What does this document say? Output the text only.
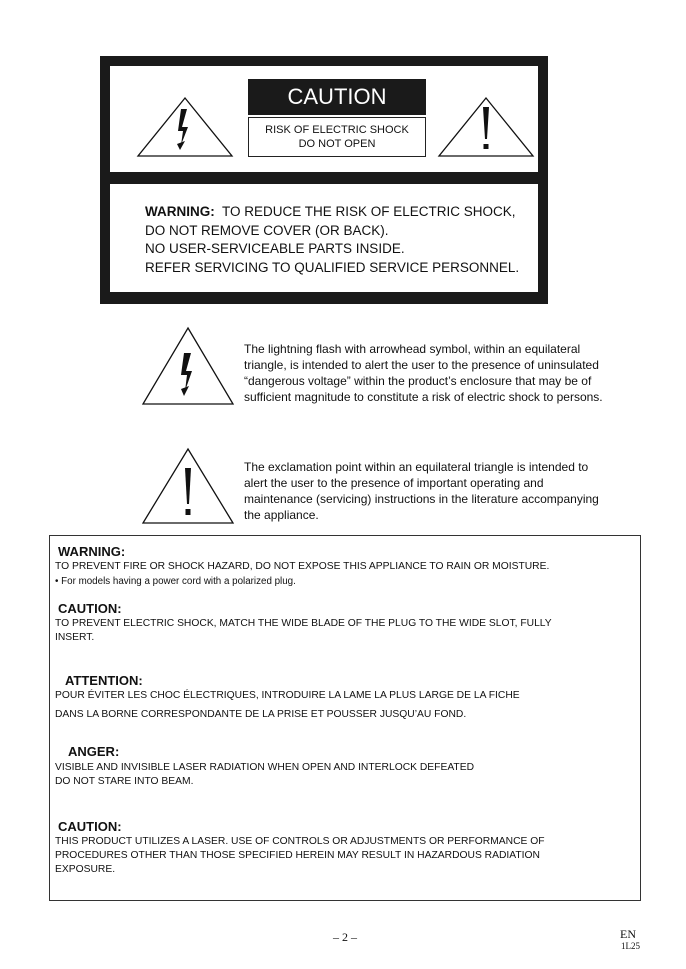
CAUTION
RISK OF ELECTRIC SHOCK
DO NOT OPEN
WARNING: TO REDUCE THE RISK OF ELECTRIC SHOCK,
DO NOT REMOVE COVER (OR BACK).
NO USER-SERVICEABLE PARTS INSIDE.
REFER SERVICING TO QUALIFIED SERVICE PERSONNEL.
The lightning flash with arrowhead symbol, within an equilateral
triangle, is intended to alert the user to the presence of uninsulated
“dangerous voltage” within the product’s enclosure that may be of
sufficient magnitude to constitute a risk of electric shock to persons.
The exclamation point within an equilateral triangle is intended to
alert the user to the presence of important operating and
maintenance (servicing) instructions in the literature accompanying
the appliance.
WARNING:
TO PREVENT FIRE OR SHOCK HAZARD, DO NOT EXPOSE THIS APPLIANCE TO RAIN OR MOISTURE.
• For models having a power cord with a polarized plug.
CAUTION:
TO PREVENT ELECTRIC SHOCK, MATCH THE WIDE BLADE OF THE PLUG TO THE WIDE SLOT, FULLY
INSERT.
ATTENTION:
POUR ÉVITER LES CHOC ÉLECTRIQUES, INTRODUIRE LA LAME LA PLUS LARGE DE LA FICHE
DANS LA BORNE CORRESPONDANTE DE LA PRISE ET POUSSER JUSQU’AU FOND.
ANGER:
VISIBLE AND INVISIBLE LASER RADIATION WHEN OPEN AND INTERLOCK DEFEATED
DO NOT STARE INTO BEAM.
CAUTION:
THIS PRODUCT UTILIZES A LASER. USE OF CONTROLS OR ADJUSTMENTS OR PERFORMANCE OF
PROCEDURES OTHER THAN THOSE SPECIFIED HEREIN MAY RESULT IN HAZARDOUS RADIATION
EXPOSURE.
– 2 –	EN
1L25
